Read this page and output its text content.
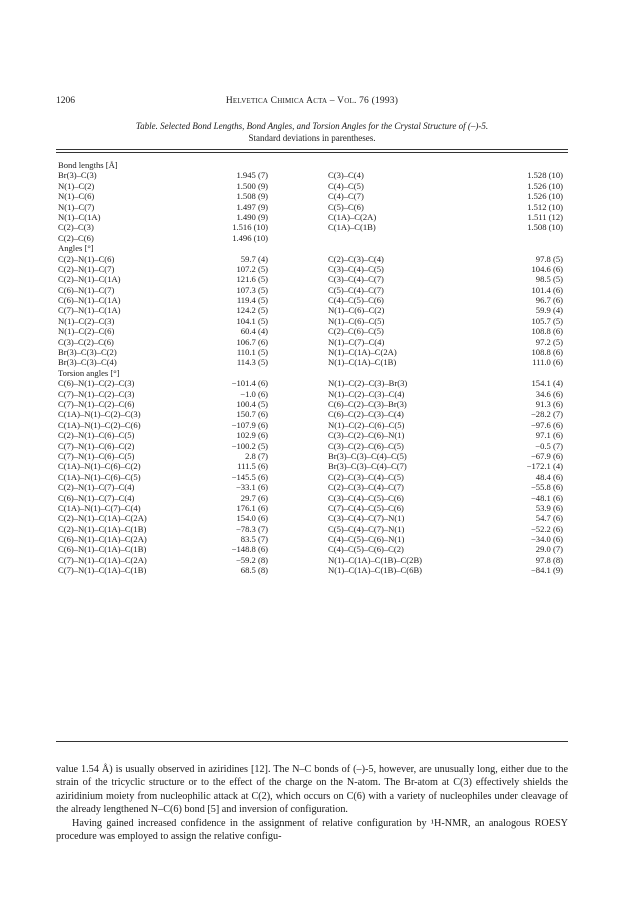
1206	Helvetica Chimica Acta – Vol. 76 (1993)
Table. Selected Bond Lengths, Bond Angles, and Torsion Angles for the Crystal Structure of (–)-5.
Standard deviations in parentheses.
Bond lengths [Å]
Br(3)–C(3)	1.945 (7)	C(3)–C(4)	1.528 (10)
N(1)–C(2)	1.500 (9)	C(4)–C(5)	1.526 (10)
N(1)–C(6)	1.508 (9)	C(4)–C(7)	1.526 (10)
N(1)–C(7)	1.497 (9)	C(5)–C(6)	1.512 (10)
N(1)–C(1A)	1.490 (9)	C(1A)–C(2A)	1.511 (12)
C(2)–C(3)	1.516 (10)	C(1A)–C(1B)	1.508 (10)
C(2)–C(6)	1.496 (10)
Angles [°]
C(2)–N(1)–C(6)	59.7 (4)	C(2)–C(3)–C(4)	97.8 (5)
C(2)–N(1)–C(7)	107.2 (5)	C(3)–C(4)–C(5)	104.6 (6)
C(2)–N(1)–C(1A)	121.6 (5)	C(3)–C(4)–C(7)	98.5 (5)
C(6)–N(1)–C(7)	107.3 (5)	C(5)–C(4)–C(7)	101.4 (6)
C(6)–N(1)–C(1A)	119.4 (5)	C(4)–C(5)–C(6)	96.7 (6)
C(7)–N(1)–C(1A)	124.2 (5)	N(1)–C(6)–C(2)	59.9 (4)
N(1)–C(2)–C(3)	104.1 (5)	N(1)–C(6)–C(5)	105.7 (5)
N(1)–C(2)–C(6)	60.4 (4)	C(2)–C(6)–C(5)	108.8 (6)
C(3)–C(2)–C(6)	106.7 (6)	N(1)–C(7)–C(4)	97.2 (5)
Br(3)–C(3)–C(2)	110.1 (5)	N(1)–C(1A)–C(2A)	108.8 (6)
Br(3)–C(3)–C(4)	114.3 (5)	N(1)–C(1A)–C(1B)	111.0 (6)
Torsion angles [°]
C(6)–N(1)–C(2)–C(3)	−101.4 (6)	N(1)–C(2)–C(3)–Br(3)	154.1 (4)
C(7)–N(1)–C(2)–C(3)	−1.0 (6)	N(1)–C(2)–C(3)–C(4)	34.6 (6)
C(7)–N(1)–C(2)–C(6)	100.4 (5)	C(6)–C(2)–C(3)–Br(3)	91.3 (6)
C(1A)–N(1)–C(2)–C(3)	150.7 (6)	C(6)–C(2)–C(3)–C(4)	−28.2 (7)
C(1A)–N(1)–C(2)–C(6)	−107.9 (6)	N(1)–C(2)–C(6)–C(5)	−97.6 (6)
C(2)–N(1)–C(6)–C(5)	102.9 (6)	C(3)–C(2)–C(6)–N(1)	97.1 (6)
C(7)–N(1)–C(6)–C(2)	−100.2 (5)	C(3)–C(2)–C(6)–C(5)	−0.5 (7)
C(7)–N(1)–C(6)–C(5)	2.8 (7)	Br(3)–C(3)–C(4)–C(5)	−67.9 (6)
C(1A)–N(1)–C(6)–C(2)	111.5 (6)	Br(3)–C(3)–C(4)–C(7)	−172.1 (4)
C(1A)–N(1)–C(6)–C(5)	−145.5 (6)	C(2)–C(3)–C(4)–C(5)	48.4 (6)
C(2)–N(1)–C(7)–C(4)	−33.1 (6)	C(2)–C(3)–C(4)–C(7)	−55.8 (6)
C(6)–N(1)–C(7)–C(4)	29.7 (6)	C(3)–C(4)–C(5)–C(6)	−48.1 (6)
C(1A)–N(1)–C(7)–C(4)	176.1 (6)	C(7)–C(4)–C(5)–C(6)	53.9 (6)
C(2)–N(1)–C(1A)–C(2A)	154.0 (6)	C(3)–C(4)–C(7)–N(1)	54.7 (6)
C(2)–N(1)–C(1A)–C(1B)	−78.3 (7)	C(5)–C(4)–C(7)–N(1)	−52.2 (6)
C(6)–N(1)–C(1A)–C(2A)	83.5 (7)	C(4)–C(5)–C(6)–N(1)	−34.0 (6)
C(6)–N(1)–C(1A)–C(1B)	−148.8 (6)	C(4)–C(5)–C(6)–C(2)	29.0 (7)
C(7)–N(1)–C(1A)–C(2A)	−59.2 (8)	N(1)–C(1A)–C(1B)–C(2B)	97.8 (8)
C(7)–N(1)–C(1A)–C(1B)	68.5 (8)	N(1)–C(1A)–C(1B)–C(6B)	−84.1 (9)

value 1.54 Å) is usually observed in aziridines [12]. The N–C bonds of (–)-5, however, are unusually long, either due to the strain of the tricyclic structure or to the effect of the charge on the N-atom. The Br-atom at C(3) effectively shields the aziridinium moiety from nucleophilic attack at C(2), which occurs on C(6) with a variety of nucleophiles under cleavage of the already lengthened N–C(6) bond [5] and inversion of configuration.

Having gained increased confidence in the assignment of relative configuration by ¹H-NMR, an analogous ROESY procedure was employed to assign the relative configu-
